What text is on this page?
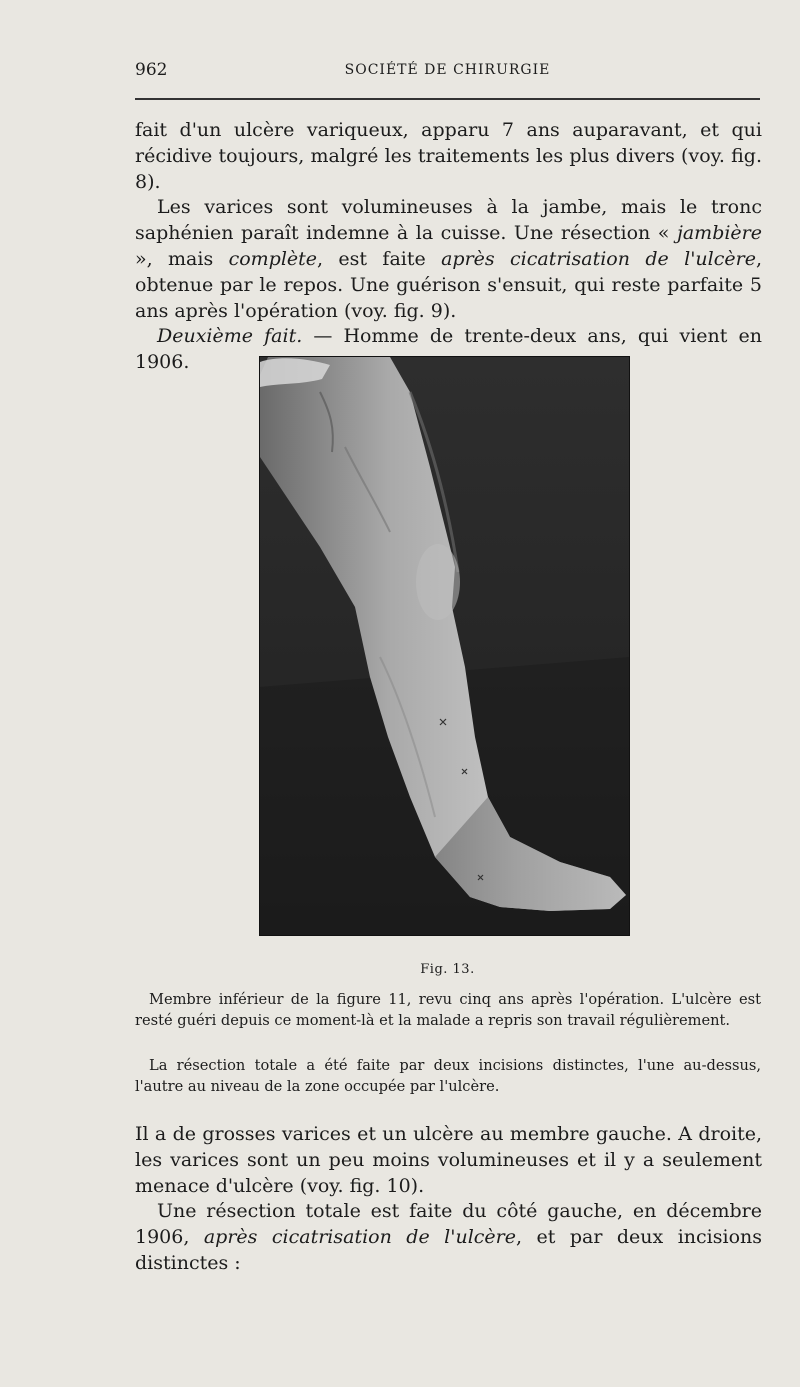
962	SOCIÉTÉ DE CHIRURGIE

fait d'un ulcère variqueux, apparu 7 ans auparavant, et qui récidive toujours, malgré les traitements les plus divers (voy. fig. 8).

Les varices sont volumineuses à la jambe, mais le tronc saphénien paraît indemne à la cuisse. Une résection « jambière », mais complète, est faite après cicatrisation de l'ulcère, obtenue par le repos. Une guérison s'ensuit, qui reste parfaite 5 ans après l'opération (voy. fig. 9).

Deuxième fait. — Homme de trente-deux ans, qui vient en 1906.

Fig. 13.

Membre inférieur de la figure 11, revu cinq ans après l'opération. L'ulcère est resté guéri depuis ce moment-là et la malade a repris son travail régulièrement.

La résection totale a été faite par deux incisions distinctes, l'une au-dessus, l'autre au niveau de la zone occupée par l'ulcère.

Il a de grosses varices et un ulcère au membre gauche. A droite, les varices sont un peu moins volumineuses et il y a seulement menace d'ulcère (voy. fig. 10).

Une résection totale est faite du côté gauche, en décembre 1906, après cicatrisation de l'ulcère, et par deux incisions distinctes :
